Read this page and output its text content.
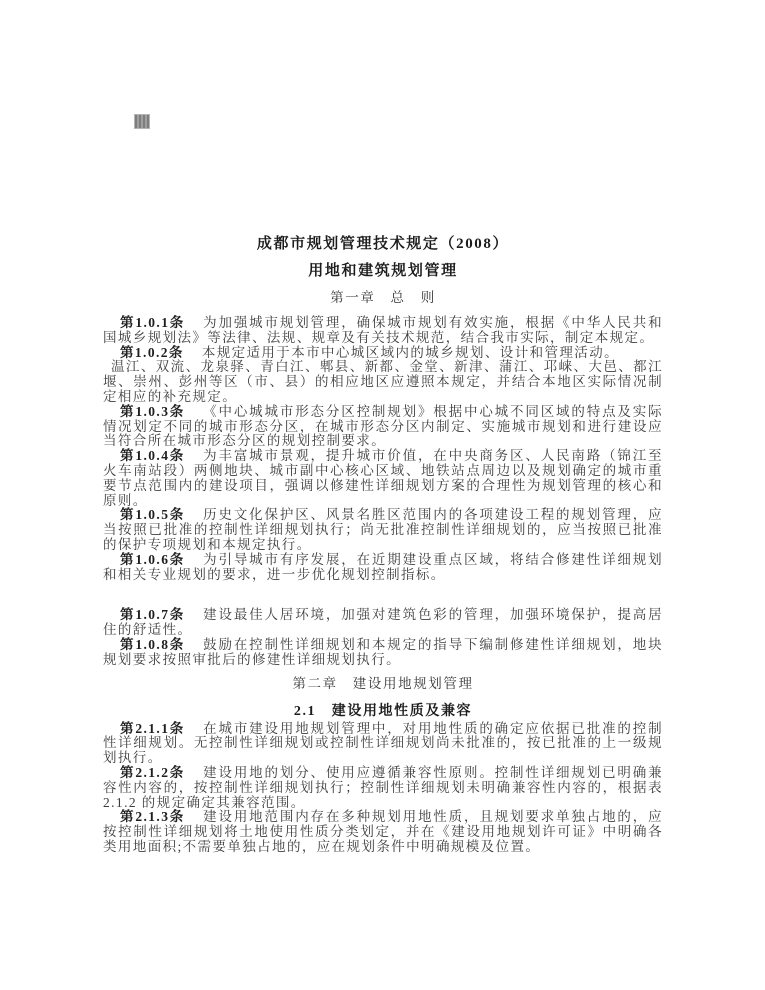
成都市规划管理技术规定（2008）
用地和建筑规划管理
第一章　总　则

第1.0.1条 为加强城市规划管理，确保城市规划有效实施，根据《中华人民共和国城乡规划法》等法律、法规、规章及有关技术规范，结合我市实际，制定本规定。

第1.0.2条 本规定适用于本市中心城区域内的城乡规划、设计和管理活动。

温江、双流、龙泉驿、青白江、郫县、新都、金堂、新津、蒲江、邛崃、大邑、都江堰、崇州、彭州等区（市、县）的相应地区应遵照本规定，并结合本地区实际情况制定相应的补充规定。

第1.0.3条 《中心城城市形态分区控制规划》根据中心城不同区域的特点及实际情况划定不同的城市形态分区，在城市形态分区内制定、实施城市规划和进行建设应当符合所在城市形态分区的规划控制要求。

第1.0.4条 为丰富城市景观，提升城市价值，在中央商务区、人民南路（锦江至火车南站段）两侧地块、城市副中心核心区域、地铁站点周边以及规划确定的城市重要节点范围内的建设项目，强调以修建性详细规划方案的合理性为规划管理的核心和原则。

第1.0.5条 历史文化保护区、风景名胜区范围内的各项建设工程的规划管理，应当按照已批准的控制性详细规划执行；尚无批准控制性详细规划的，应当按照已批准的保护专项规划和本规定执行。

第1.0.6条 为引导城市有序发展，在近期建设重点区域，将结合修建性详细规划和相关专业规划的要求，进一步优化规划控制指标。

第1.0.7条 建设最佳人居环境，加强对建筑色彩的管理，加强环境保护，提高居住的舒适性。

第1.0.8条 鼓励在控制性详细规划和本规定的指导下编制修建性详细规划，地块规划要求按照审批后的修建性详细规划执行。

第二章　建设用地规划管理
2.1　建设用地性质及兼容

第2.1.1条 在城市建设用地规划管理中，对用地性质的确定应依据已批准的控制性详细规划。无控制性详细规划或控制性详细规划尚未批准的，按已批准的上一级规划执行。

第2.1.2条 建设用地的划分、使用应遵循兼容性原则。控制性详细规划已明确兼容性内容的，按控制性详细规划执行；控制性详细规划未明确兼容性内容的，根据表 2.1.2 的规定确定其兼容范围。

第2.1.3条 建设用地范围内存在多种规划用地性质，且规划要求单独占地的，应按控制性详细规划将土地使用性质分类划定，并在《建设用地规划许可证》中明确各类用地面积;不需要单独占地的，应在规划条件中明确规模及位置。
